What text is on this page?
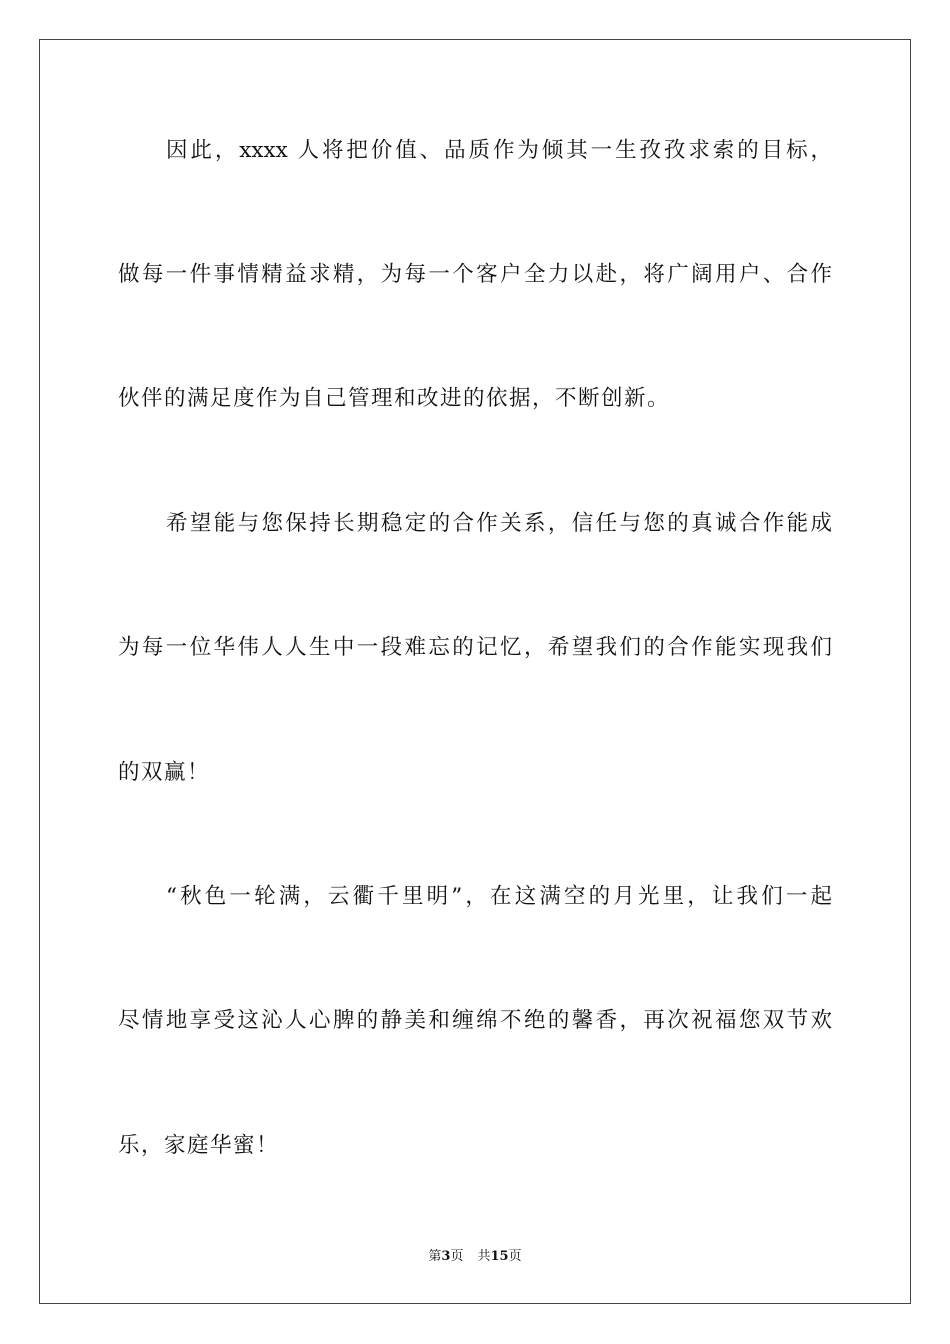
因此，xxxx 人将把价值、品质作为倾其一生孜孜求索的目标，
做每一件事情精益求精，为每一个客户全力以赴，将广阔用户、合作
伙伴的满足度作为自己管理和改进的依据，不断创新。
希望能与您保持长期稳定的合作关系，信任与您的真诚合作能成
为每一位华伟人人生中一段难忘的记忆，希望我们的合作能实现我们
的双赢！
“秋色一轮满，云衢千里明”，在这满空的月光里，让我们一起
尽情地享受这沁人心脾的静美和缠绵不绝的馨香，再次祝福您双节欢
乐，家庭华蜜！
第3页 共15页
